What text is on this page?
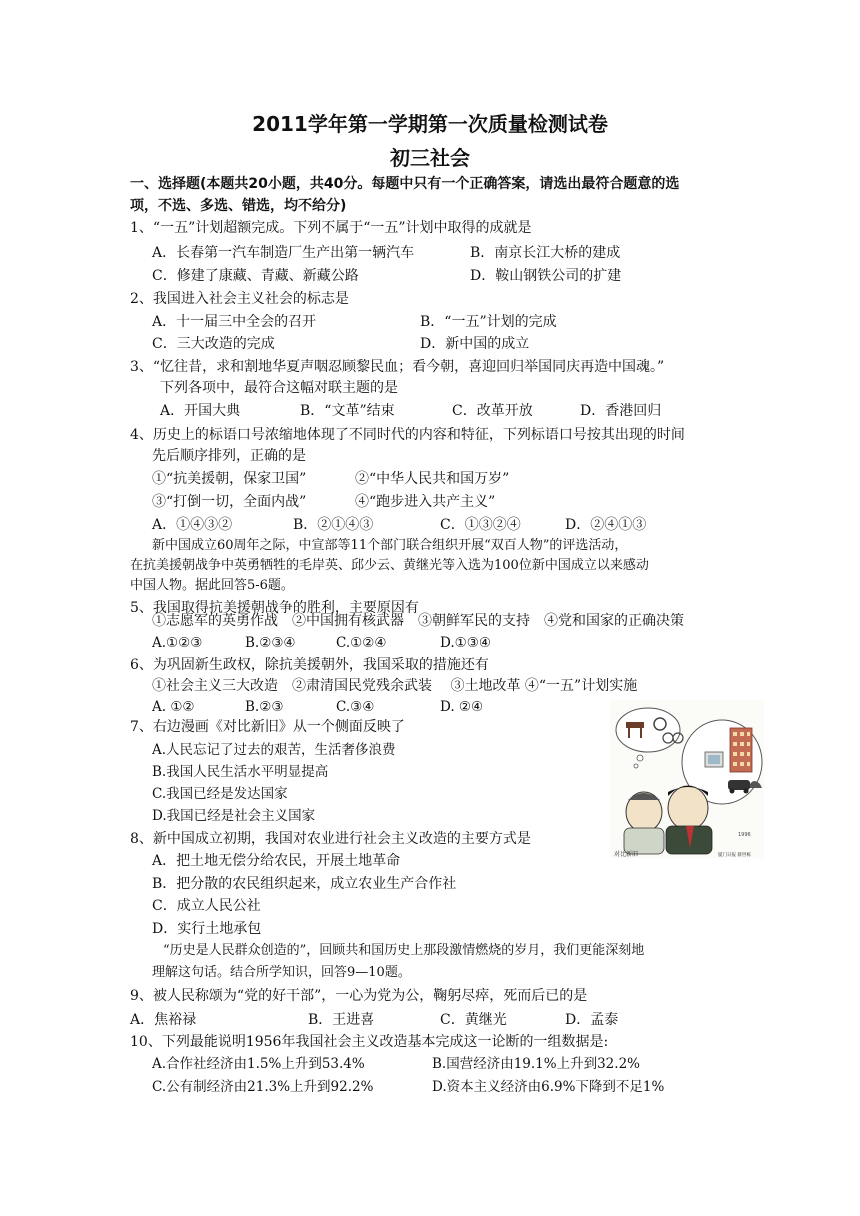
2011学年第一学期第一次质量检测试卷
初三社会
一、选择题(本题共20小题，共40分。每题中只有一个正确答案，请选出最符合题意的选
项，不选、多选、错选，均不给分)
1、“一五”计划超额完成。下列不属于“一五”计划中取得的成就是
A．长春第一汽车制造厂生产出第一辆汽车	B．南京长江大桥的建成
C．修建了康藏、青藏、新藏公路	D．鞍山钢铁公司的扩建
2、我国进入社会主义社会的标志是
A．十一届三中全会的召开	B．“一五”计划的完成
C．三大改造的完成	D．新中国的成立
3、“忆往昔，求和割地华夏声咽忍顾黎民血；看今朝，喜迎回归举国同庆再造中国魂。”
下列各项中，最符合这幅对联主题的是
A．开国大典	B．“文革”结束	C．改革开放	D．香港回归
4、历史上的标语口号浓缩地体现了不同时代的内容和特征，下列标语口号按其出现的时间
先后顺序排列，正确的是
①“抗美援朝，保家卫国”	②“中华人民共和国万岁”
③“打倒一切，全面内战”	④“跑步进入共产主义”
A．①④③②	B．②①④③	C．①③②④	D．②④①③
新中国成立60周年之际，中宣部等11个部门联合组织开展“双百人物”的评选活动，
在抗美援朝战争中英勇牺牲的毛岸英、邱少云、黄继光等入选为100位新中国成立以来感动
中国人物。据此回答5-6题。
5、我国取得抗美援朝战争的胜利，主要原因有
①志愿军的英勇作战　②中国拥有核武器　③朝鲜军民的支持　④党和国家的正确决策
A.①②③	B.②③④	C.①②④	D.①③④
6、为巩固新生政权，除抗美援朝外，我国采取的措施还有
①社会主义三大改造　②肃清国民党残余武装　 ③土地改革 ④“一五”计划实施
A. ①②	B.②③	C.③④	D. ②④
7、右边漫画《对比新旧》从一个侧面反映了
A.人民忘记了过去的艰苦，生活奢侈浪费
B.我国人民生活水平明显提高
C.我国已经是发达国家
D.我国已经是社会主义国家
对比新旧	厦门日报 蔡世栋
1996
8、新中国成立初期，我国对农业进行社会主义改造的主要方式是
A．把土地无偿分给农民，开展土地革命
B．把分散的农民组织起来，成立农业生产合作社
C．成立人民公社
D．实行土地承包
“历史是人民群众创造的”，回顾共和国历史上那段激情燃烧的岁月，我们更能深刻地
理解这句话。结合所学知识，回答9—10题。
9、被人民称颂为“党的好干部”，一心为党为公，鞠躬尽瘁，死而后已的是
A．焦裕禄	B．王进喜	C．黄继光	D．孟泰
10、下列最能说明1956年我国社会主义改造基本完成这一论断的一组数据是:
A.合作社经济由1.5%上升到53.4%	B.国营经济由19.1%上升到32.2%
C.公有制经济由21.3%上升到92.2%	D.资本主义经济由6.9%下降到不足1%
